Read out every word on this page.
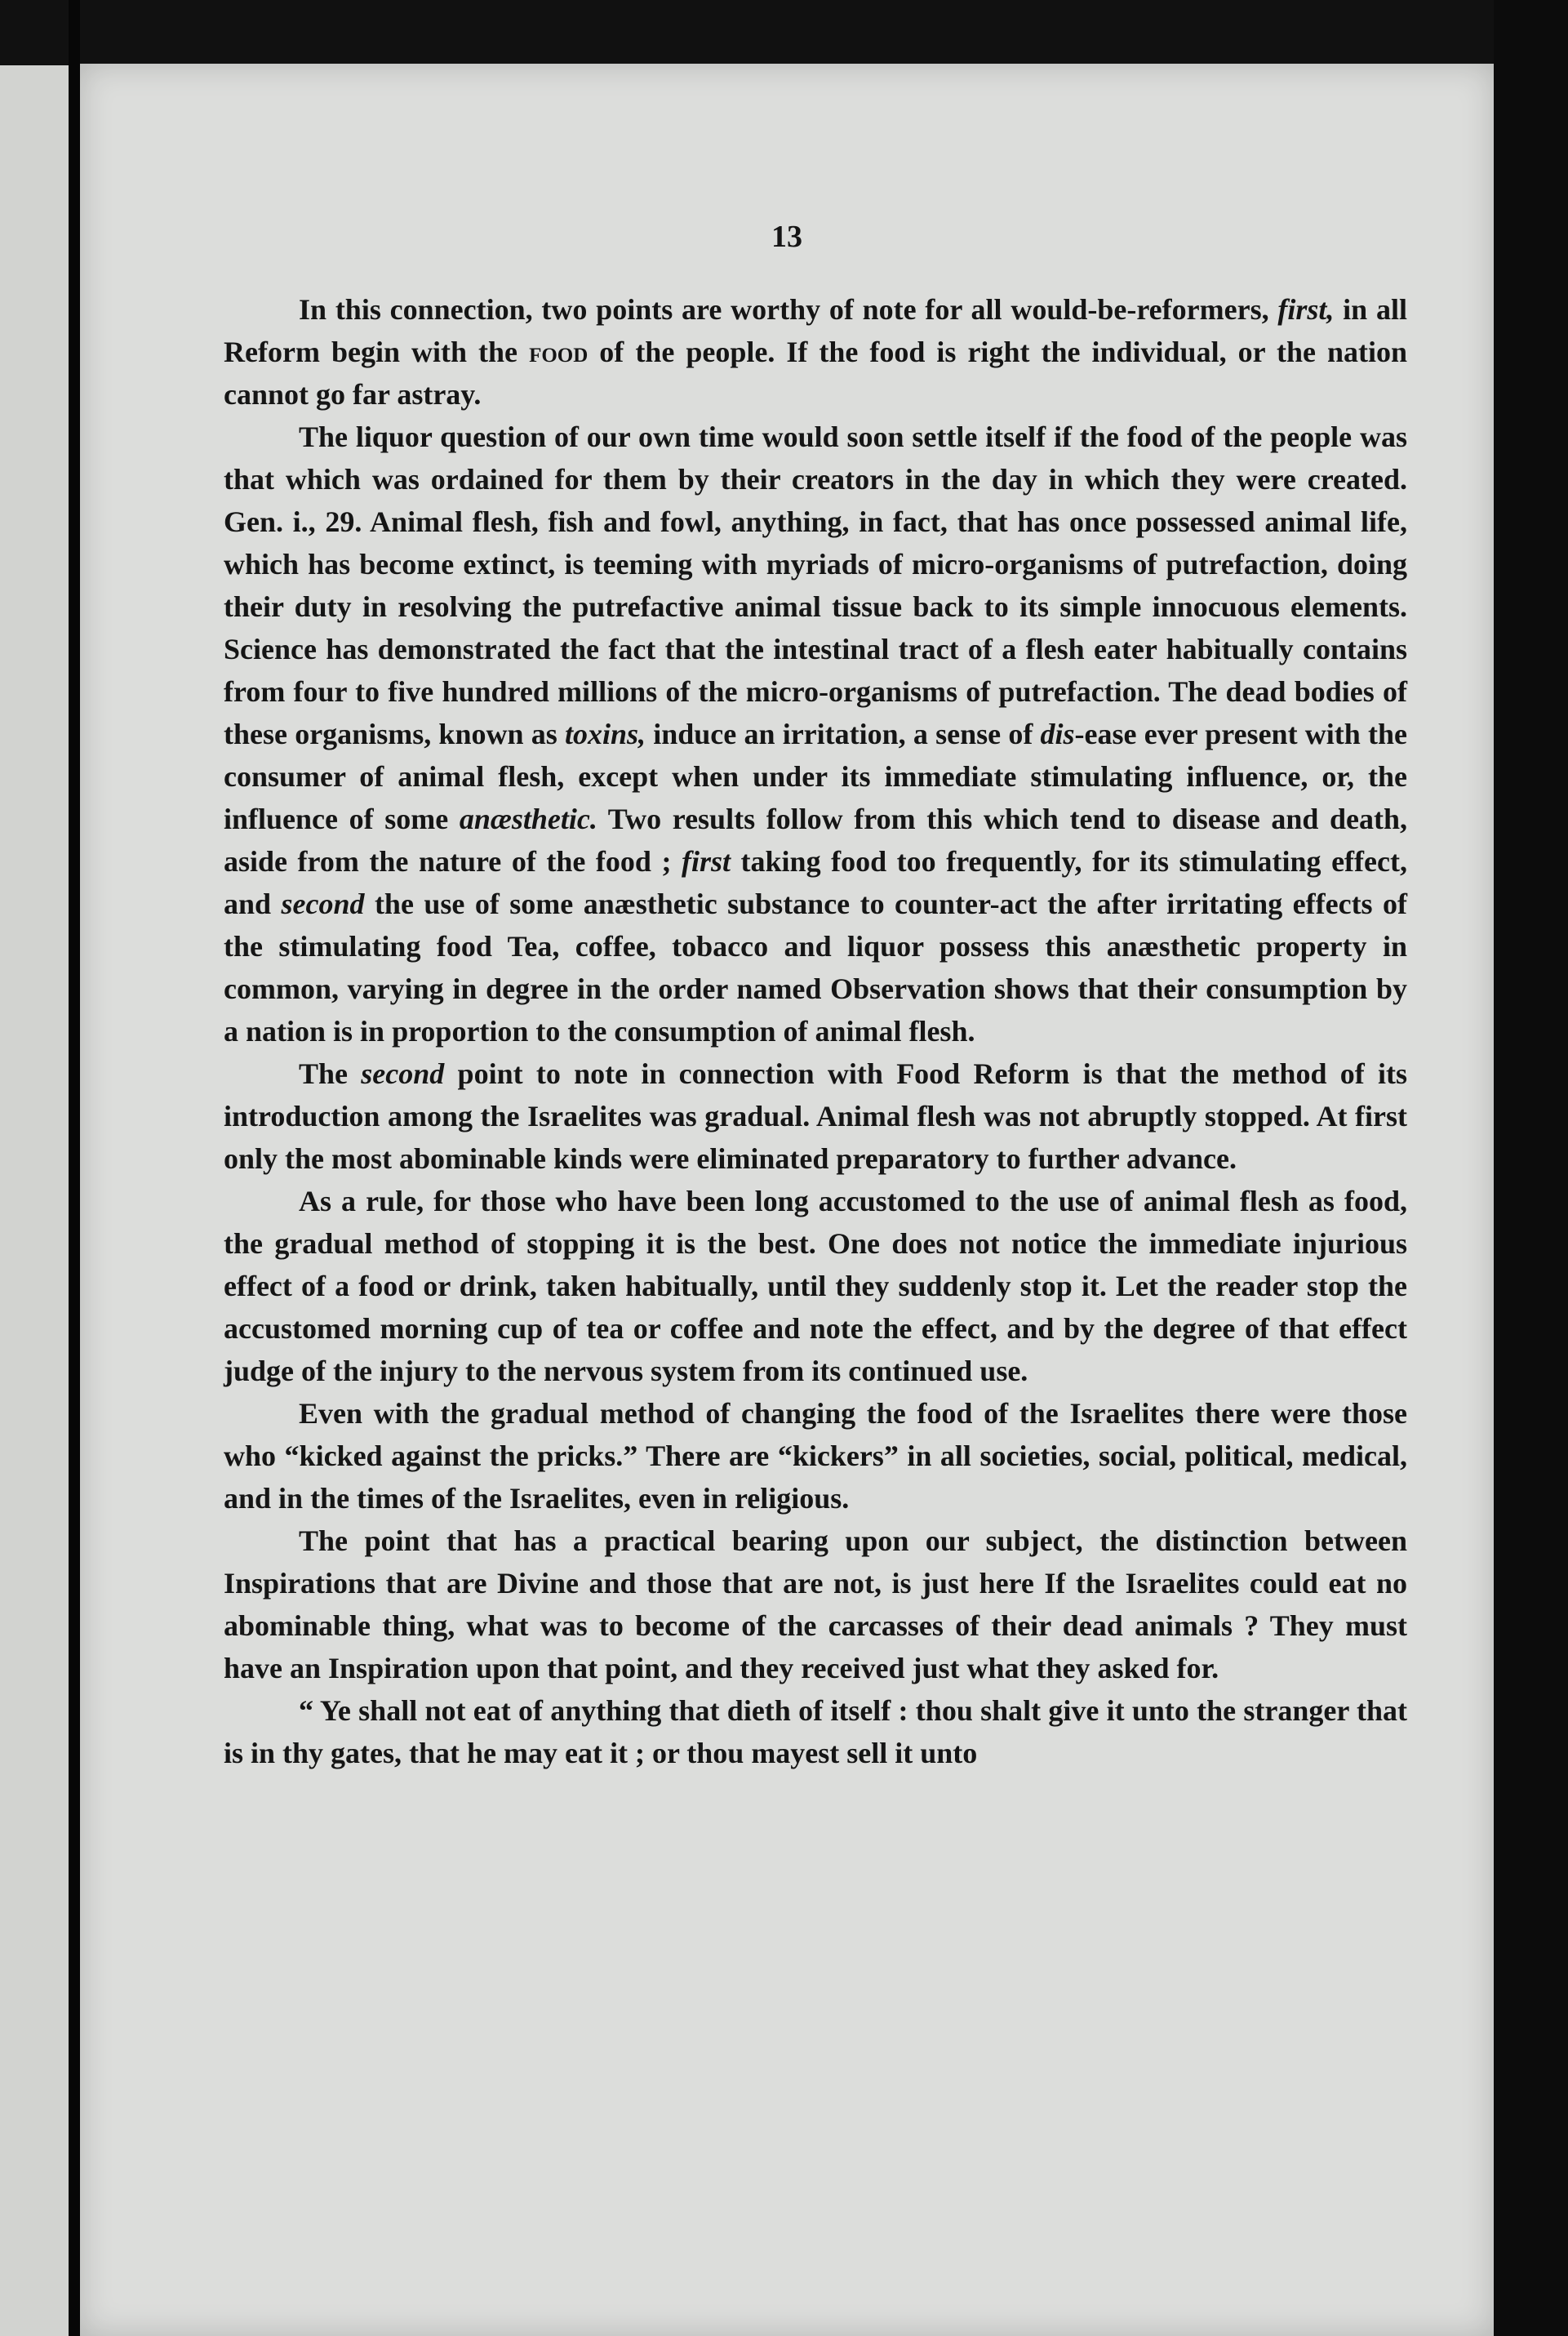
13

In this connection, two points are worthy of note for all would-be-reformers, first, in all Reform begin with the food of the people. If the food is right the individual, or the nation cannot go far astray.

The liquor question of our own time would soon settle itself if the food of the people was that which was ordained for them by their creators in the day in which they were created. Gen. i., 29. Animal flesh, fish and fowl, anything, in fact, that has once possessed animal life, which has become extinct, is teeming with myriads of micro-organisms of putrefaction, doing their duty in resolving the putrefactive animal tissue back to its simple innocuous elements. Science has demonstrated the fact that the intestinal tract of a flesh eater habitually contains from four to five hundred millions of the micro-organisms of putrefaction. The dead bodies of these organisms, known as toxins, induce an irritation, a sense of dis-ease ever present with the consumer of animal flesh, except when under its immediate stimulating influence, or, the influence of some anæsthetic. Two results follow from this which tend to disease and death, aside from the nature of the food ; first taking food too frequently, for its stimulating effect, and second the use of some anæsthetic substance to counter-act the after irritating effects of the stimulating food Tea, coffee, tobacco and liquor possess this anæsthetic property in common, varying in degree in the order named Observation shows that their consumption by a nation is in proportion to the consumption of animal flesh.

The second point to note in connection with Food Reform is that the method of its introduction among the Israelites was gradual. Animal flesh was not abruptly stopped. At first only the most abominable kinds were eliminated preparatory to further advance.

As a rule, for those who have been long accustomed to the use of animal flesh as food, the gradual method of stopping it is the best. One does not notice the immediate injurious effect of a food or drink, taken habitually, until they suddenly stop it. Let the reader stop the accustomed morning cup of tea or coffee and note the effect, and by the degree of that effect judge of the injury to the nervous system from its continued use.

Even with the gradual method of changing the food of the Israelites there were those who “kicked against the pricks.” There are “kickers” in all societies, social, political, medical, and in the times of the Israelites, even in religious.

The point that has a practical bearing upon our subject, the distinction between Inspirations that are Divine and those that are not, is just here If the Israelites could eat no abominable thing, what was to become of the carcasses of their dead animals ? They must have an Inspiration upon that point, and they received just what they asked for.

“ Ye shall not eat of anything that dieth of itself : thou shalt give it unto the stranger that is in thy gates, that he may eat it ; or thou mayest sell it unto
